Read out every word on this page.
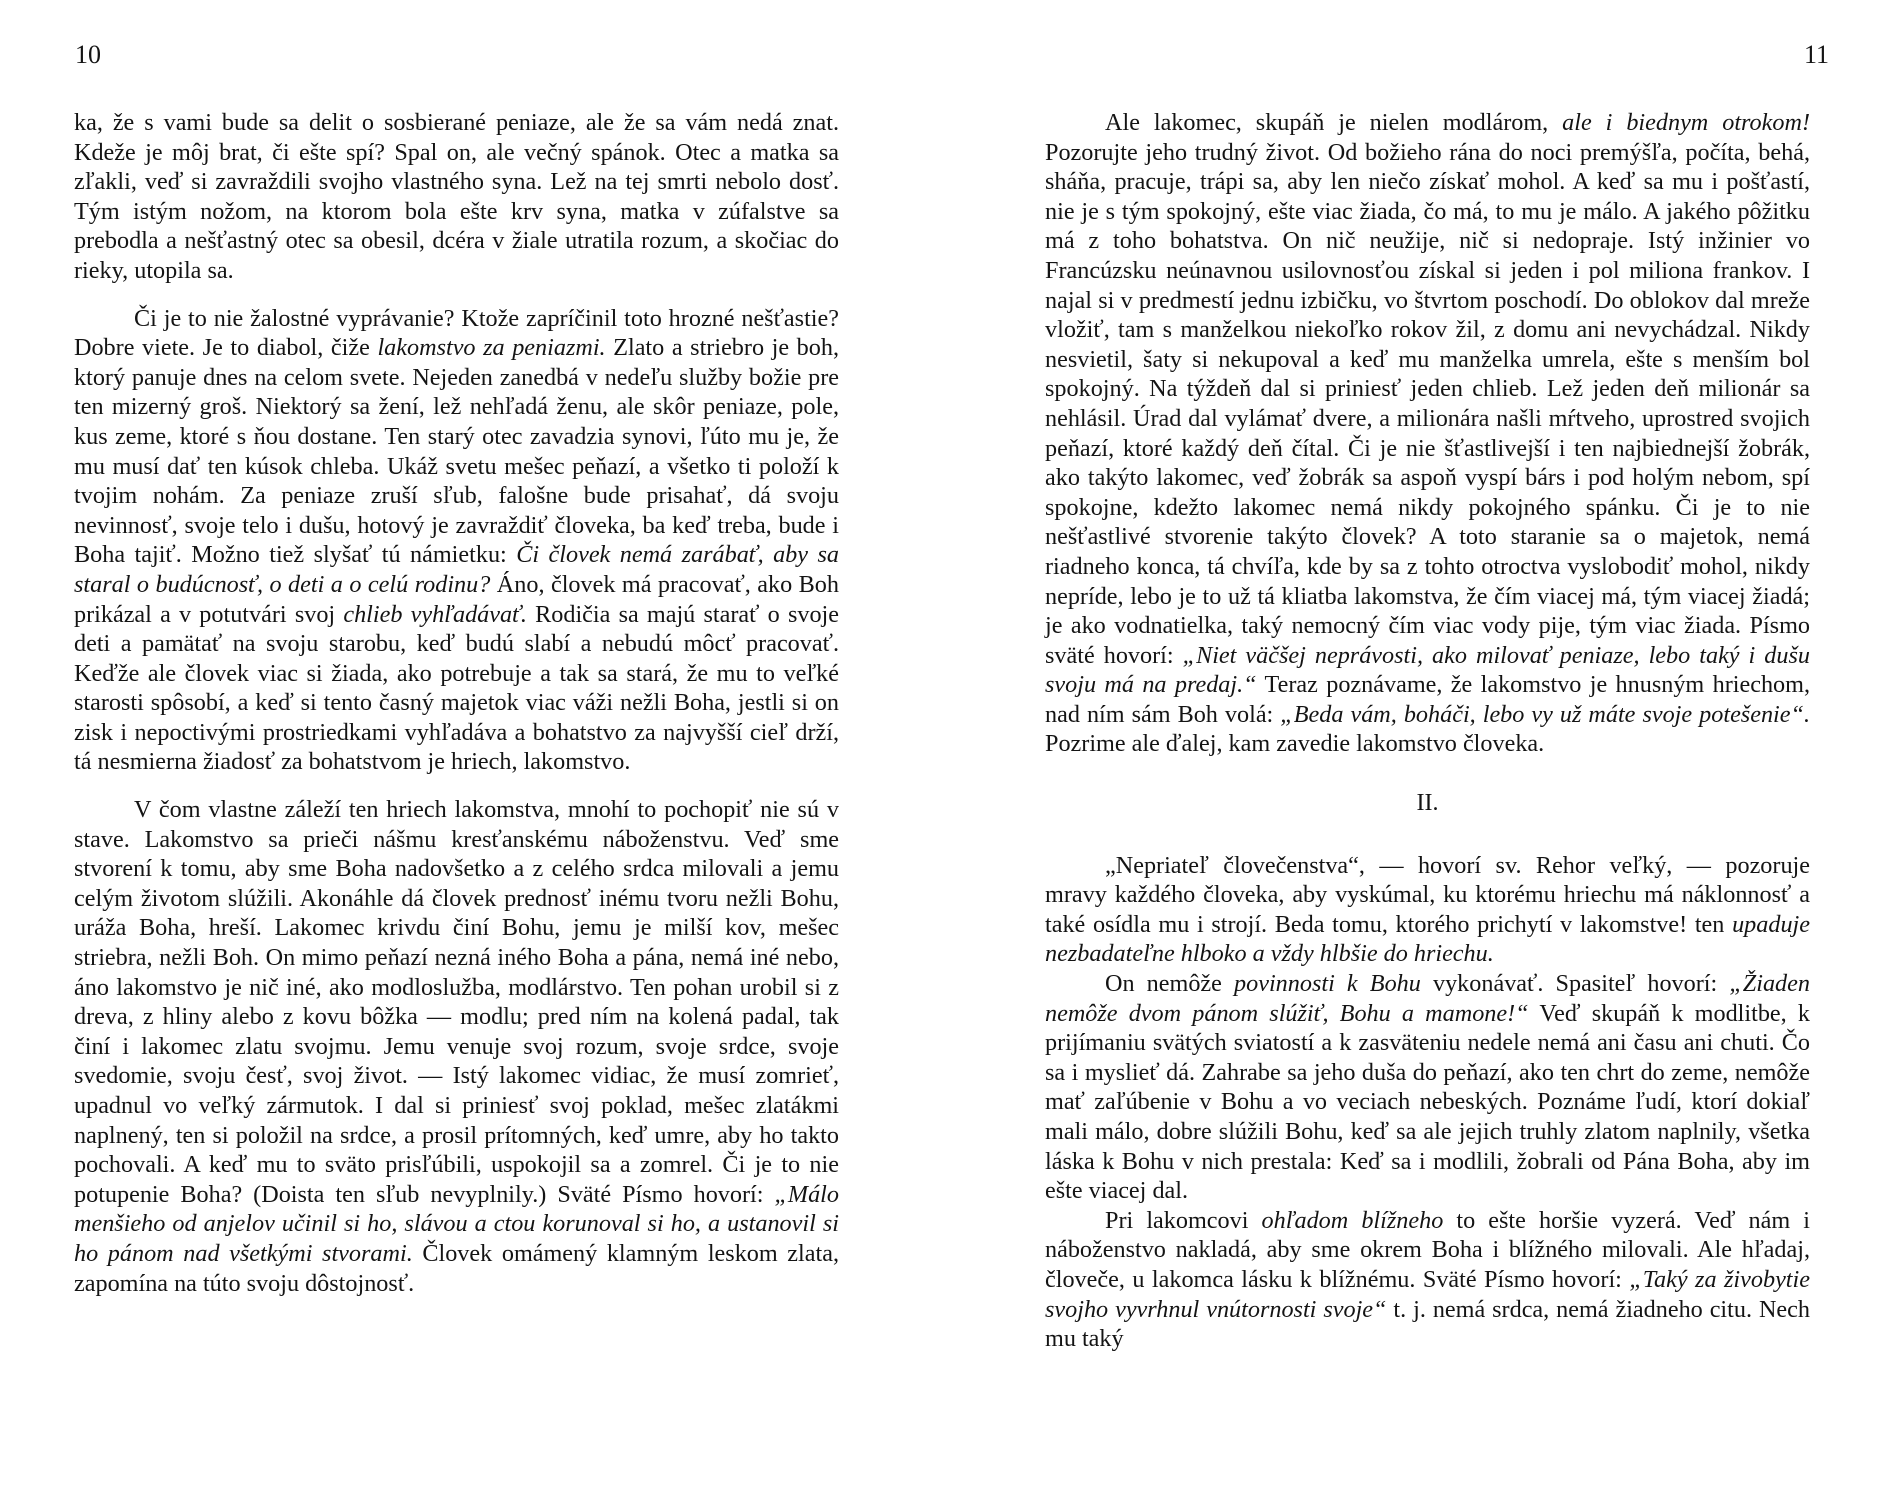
10

ka, že s vami bude sa delit o sosbierané peniaze, ale že sa vám nedá znat. Kdeže je môj brat, či ešte spí? Spal on, ale večný spánok. Otec a matka sa zľakli, veď si zavraždili svojho vlastného syna. Lež na tej smrti nebolo dosť. Tým istým nožom, na ktorom bola ešte krv syna, matka v zúfalstve sa prebodla a nešťastný otec sa obesil, dcéra v žiale utratila rozum, a skočiac do rieky, utopila sa.

Či je to nie žalostné vyprávanie? Ktože zapríčinil toto hrozné nešťastie? Dobre viete. Je to diabol, čiže lakomstvo za peniazmi. Zlato a striebro je boh, ktorý panuje dnes na celom svete. Nejeden zanedbá v nedeľu služby božie pre ten mizerný groš. Niektorý sa žení, lež nehľadá ženu, ale skôr peniaze, pole, kus zeme, ktoré s ňou dostane. Ten starý otec zavadzia synovi, ľúto mu je, že mu musí dať ten kúsok chleba. Ukáž svetu mešec peňazí, a všetko ti položí k tvojim nohám. Za peniaze zruší sľub, falošne bude prisahať, dá svoju nevinnosť, svoje telo i dušu, hotový je zavraždiť človeka, ba keď treba, bude i Boha tajiť. Možno tiež slyšať tú námietku: Či človek nemá zarábať, aby sa staral o budúcnosť, o deti a o celú rodinu? Áno, človek má pracovať, ako Boh prikázal a v potutvári svoj chlieb vyhľadávať. Rodičia sa majú starať o svoje deti a pamätať na svoju starobu, keď budú slabí a nebudú môcť pracovať. Keďže ale človek viac si žiada, ako potrebuje a tak sa stará, že mu to veľké starosti spôsobí, a keď si tento časný majetok viac váži nežli Boha, jestli si on zisk i nepoctivými prostriedkami vyhľadáva a bohatstvo za najvyšší cieľ drží, tá nesmierna žiadosť za bohatstvom je hriech, lakomstvo.

V čom vlastne záleží ten hriech lakomstva, mnohí to pochopiť nie sú v stave. Lakomstvo sa prieči nášmu kresťanskému náboženstvu. Veď sme stvorení k tomu, aby sme Boha nadovšetko a z celého srdca milovali a jemu celým životom slúžili. Akonáhle dá človek prednosť inému tvoru nežli Bohu, uráža Boha, hreší. Lakomec krivdu činí Bohu, jemu je milší kov, mešec striebra, nežli Boh. On mimo peňazí nezná iného Boha a pána, nemá iné nebo, áno lakomstvo je nič iné, ako modloslužba, modlárstvo. Ten pohan urobil si z dreva, z hliny alebo z kovu bôžka — modlu; pred ním na kolená padal, tak činí i lakomec zlatu svojmu. Jemu venuje svoj rozum, svoje srdce, svoje svedomie, svoju česť, svoj život. — Istý lakomec vidiac, že musí zomrieť, upadnul vo veľký zármutok. I dal si priniesť svoj poklad, mešec zlatákmi naplnený, ten si položil na srdce, a prosil prítomných, keď umre, aby ho takto pochovali. A keď mu to sväto prisľúbili, uspokojil sa a zomrel. Či je to nie potupenie Boha? (Doista ten sľub nevyplnily.) Sväté Písmo hovorí: „Málo menšieho od anjelov učinil si ho, slávou a ctou korunoval si ho, a ustanovil si ho pánom nad všetkými stvorami. Človek omámený klamným leskom zlata, zapomína na túto svoju dôstojnosť.

11

Ale lakomec, skupáň je nielen modlárom, ale i biednym otrokom! Pozorujte jeho trudný život. Od božieho rána do noci premýšľa, počíta, behá, sháňa, pracuje, trápi sa, aby len niečo získať mohol. A keď sa mu i pošťastí, nie je s tým spokojný, ešte viac žiada, čo má, to mu je málo. A jakého pôžitku má z toho bohatstva. On nič neužije, nič si nedopraje. Istý inžinier vo Francúzsku neúnavnou usilovnosťou získal si jeden i pol miliona frankov. I najal si v predmestí jednu izbičku, vo štvrtom poschodí. Do oblokov dal mreže vložiť, tam s manželkou niekoľko rokov žil, z domu ani nevychádzal. Nikdy nesvietil, šaty si nekupoval a keď mu manželka umrela, ešte s menším bol spokojný. Na týždeň dal si priniesť jeden chlieb. Lež jeden deň milionár sa nehlásil. Úrad dal vylámať dvere, a milionára našli mŕtveho, uprostred svojich peňazí, ktoré každý deň čítal. Či je nie šťastlivejší i ten najbiednejší žobrák, ako takýto lakomec, veď žobrák sa aspoň vyspí bárs i pod holým nebom, spí spokojne, kdežto lakomec nemá nikdy pokojného spánku. Či je to nie nešťastlivé stvorenie takýto človek? A toto staranie sa o majetok, nemá riadneho konca, tá chvíľa, kde by sa z tohto otroctva vyslobodiť mohol, nikdy nepríde, lebo je to už tá kliatba lakomstva, že čím viacej má, tým viacej žiadá; je ako vodnatielka, taký nemocný čím viac vody pije, tým viac žiada. Písmo sväté hovorí: „Niet väčšej neprávosti, ako milovať peniaze, lebo taký i dušu svoju má na predaj.“ Teraz poznávame, že lakomstvo je hnusným hriechom, nad ním sám Boh volá: „Beda vám, boháči, lebo vy už máte svoje potešenie“. Pozrime ale ďalej, kam zavedie lakomstvo človeka.

II.

„Nepriateľ človečenstva“, — hovorí sv. Rehor veľký, — pozoruje mravy každého človeka, aby vyskúmal, ku ktorému hriechu má náklonnosť a také osídla mu i strojí. Beda tomu, ktorého prichytí v lakomstve! ten upaduje nezbadateľne hlboko a vždy hlbšie do hriechu.

On nemôže povinnosti k Bohu vykonávať. Spasiteľ hovorí: „Žiaden nemôže dvom pánom slúžiť, Bohu a mamone!“ Veď skupáň k modlitbe, k prijímaniu svätých sviatostí a k zasväteniu nedele nemá ani času ani chuti. Čo sa i myslieť dá. Zahrabe sa jeho duša do peňazí, ako ten chrt do zeme, nemôže mať zaľúbenie v Bohu a vo veciach nebeských. Poznáme ľudí, ktorí dokiaľ mali málo, dobre slúžili Bohu, keď sa ale jejich truhly zlatom naplnily, všetka láska k Bohu v nich prestala: Keď sa i modlili, žobrali od Pána Boha, aby im ešte viacej dal.

Pri lakomcovi ohľadom blížneho to ešte horšie vyzerá. Veď nám i náboženstvo nakladá, aby sme okrem Boha i blížného milovali. Ale hľadaj, človeče, u lakomca lásku k blížnému. Sväté Písmo hovorí: „Taký za živobytie svojho vyvrhnul vnútornosti svoje“ t. j. nemá srdca, nemá žiadneho citu. Nech mu taký
